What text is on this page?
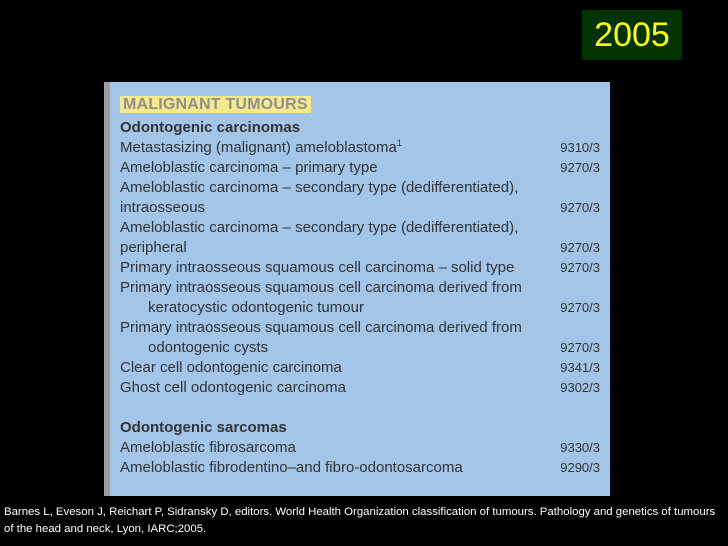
2005
MALIGNANT TUMOURS
Odontogenic carcinomas
Metastasizing (malignant) ameloblastoma$^1$	9310/3
Ameloblastic carcinoma – primary type	9270/3
Ameloblastic carcinoma – secondary type (dedifferentiated),
intraosseous	9270/3
Ameloblastic carcinoma – secondary type (dedifferentiated),
peripheral	9270/3
Primary intraosseous squamous cell carcinoma – solid type	9270/3
Primary intraosseous squamous cell carcinoma derived from
keratocystic odontogenic tumour	9270/3
Primary intraosseous squamous cell carcinoma derived from
odontogenic cysts	9270/3
Clear cell odontogenic carcinoma	9341/3
Ghost cell odontogenic carcinoma	9302/3
Odontogenic sarcomas
Ameloblastic fibrosarcoma	9330/3
Ameloblastic fibrodentino–and fibro-odontosarcoma	9290/3
Barnes L, Eveson J, Reichart P, Sidransky D, editors. World Health Organization classification of tumours. Pathology and genetics of tumours of the head and neck, Lyon, IARC;2005.
